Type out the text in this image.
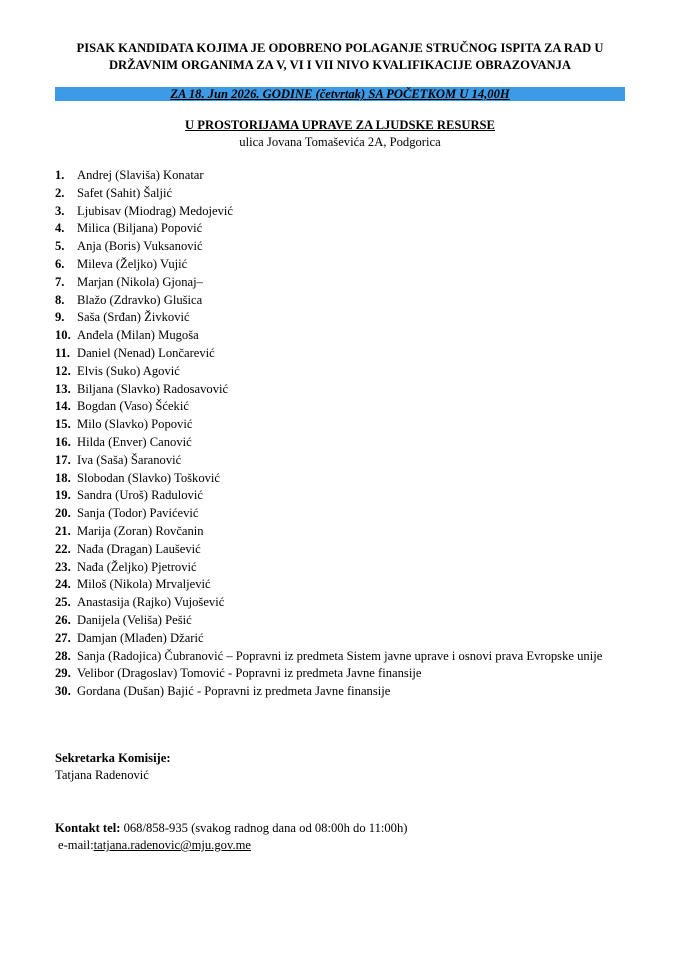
PISAK KANDIDATA KOJIMA JE ODOBRENO POLAGANJE STRUČNOG ISPITA ZA RAD U
DRŽAVNIM ORGANIMA ZA V, VI I VII NIVO KVALIFIKACIJE OBRAZOVANJA
ZA 18. Jun 2026. GODINE (četvrtak) SA POČETKOM U 14,00H
U PROSTORIJAMA UPRAVE ZA LJUDSKE RESURSE
ulica Jovana Tomaševića 2A, Podgorica
1. Andrej (Slaviša) Konatar
2. Safet (Sahit) Šaljić
3. Ljubisav (Miodrag) Medojević
4. Milica (Biljana) Popović
5. Anja (Boris) Vuksanović
6. Mileva (Željko) Vujić
7. Marjan (Nikola) Gjonaj–
8. Blažo (Zdravko) Glušica
9. Saša (Srđan) Živković
10. Anđela (Milan) Mugoša
11. Daniel (Nenad) Lončarević
12. Elvis (Suko) Agović
13. Biljana (Slavko) Radosavović
14. Bogdan (Vaso) Šćekić
15. Milo (Slavko) Popović
16. Hilda (Enver) Canović
17. Iva (Saša) Šaranović
18. Slobodan (Slavko) Tošković
19. Sandra (Uroš) Radulović
20. Sanja (Todor) Pavićević
21. Marija (Zoran) Rovčanin
22. Nađa (Dragan) Laušević
23. Nađa (Željko) Pjetrović
24. Miloš (Nikola) Mrvaljević
25. Anastasija (Rajko) Vujošević
26. Danijela (Veliša) Pešić
27. Damjan (Mlađen) Džarić
28. Sanja (Radojica) Čubranović – Popravni iz predmeta Sistem javne uprave i osnovi prava Evropske unije
29. Velibor (Dragoslav) Tomović - Popravni iz predmeta Javne finansije
30. Gordana (Dušan) Bajić - Popravni iz predmeta Javne finansije
Sekretarka Komisije:
Tatjana Radenović
Kontakt tel: 068/858-935 (svakog radnog dana od 08:00h do 11:00h)
e-mail:tatjana.radenovic@mju.gov.me
